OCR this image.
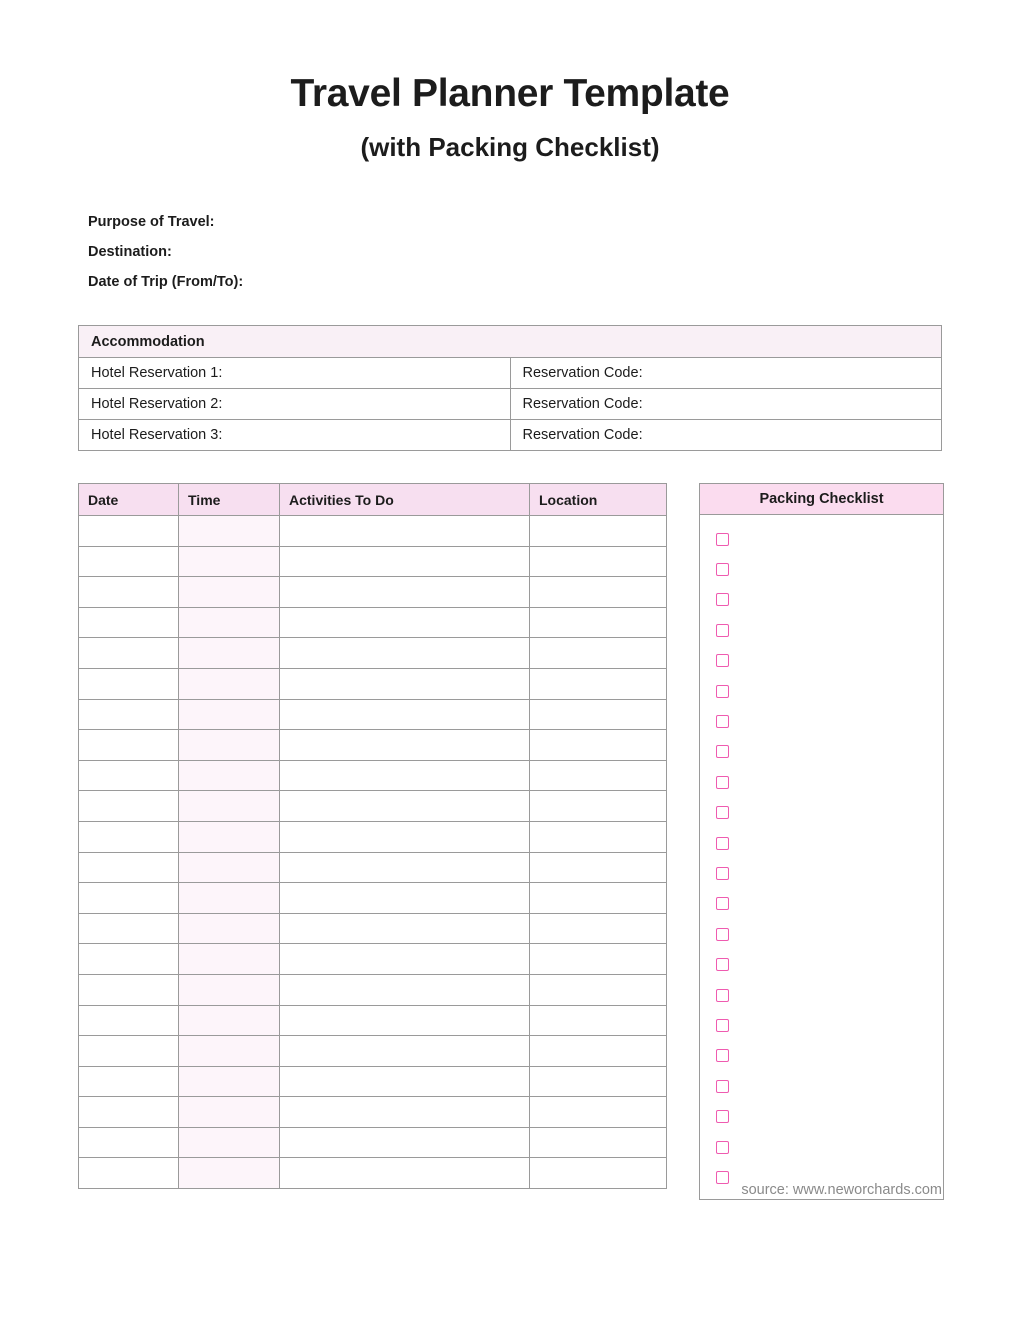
Travel Planner Template
(with Packing Checklist)
Purpose of Travel:
Destination:
Date of Trip (From/To):
Accommodation	
Hotel Reservation 1:	Reservation Code:
Hotel Reservation 2:	Reservation Code:
Hotel Reservation 3:	Reservation Code:
Date	Time	Activities To Do	Location

				Packing Checklist
source: www.neworchards.com
